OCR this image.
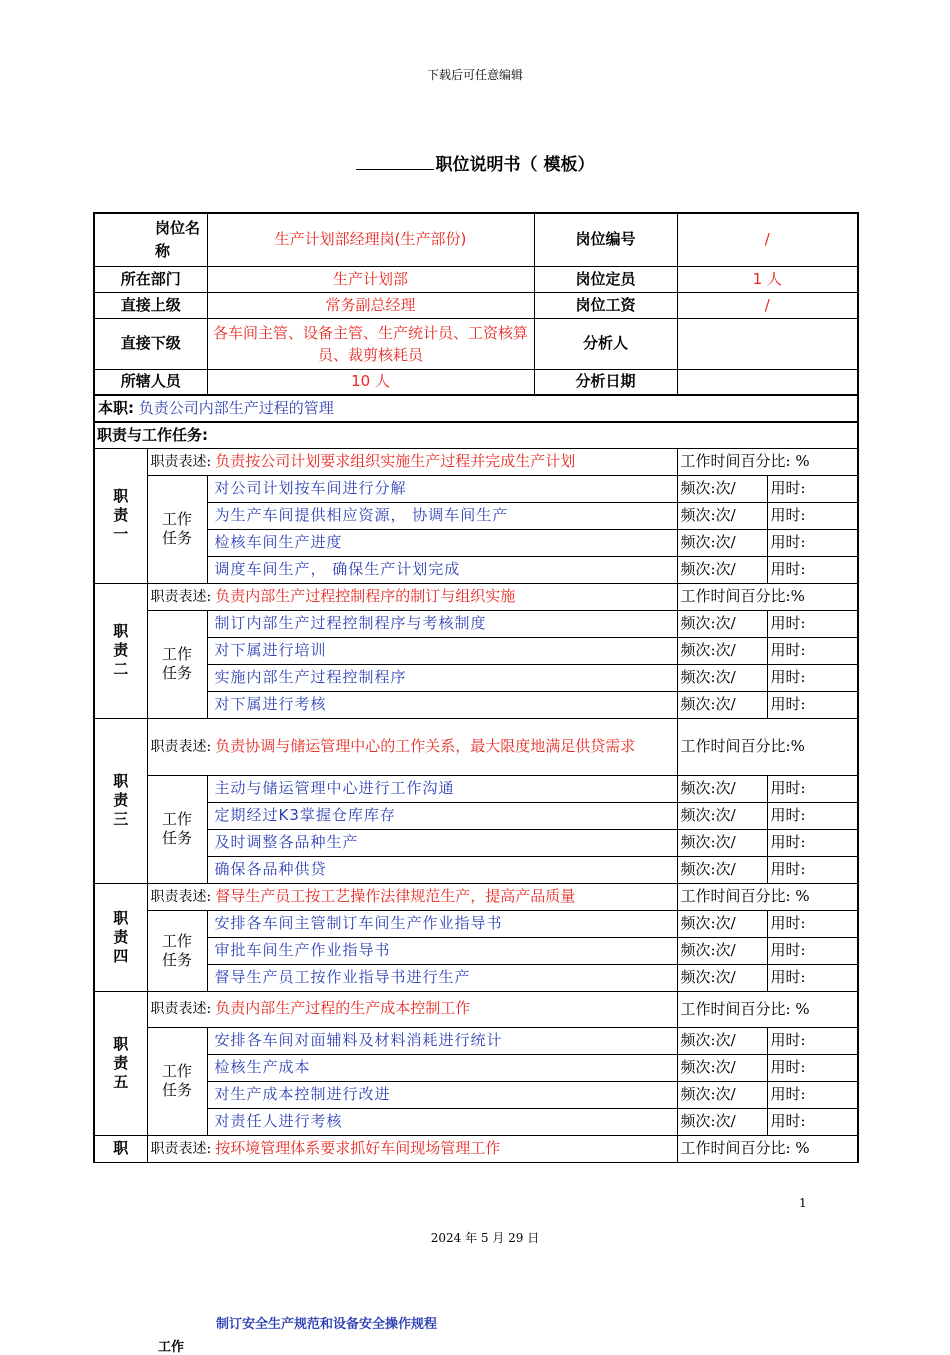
下载后可任意编辑
职位说明书（ 模板）
岗位名称		生产计划部经理岗(生产部份)	岗位编号	/	
所在部门		生产计划部	岗位定员	1 人	
直接上级		常务副总经理	岗位工资	/	
直接下级		各车间主管、设备主管、生产统计员、工资核算员、裁剪核耗员	分析人		
所辖人员		10 人	分析日期		
本职: 负责公司内部生产过程的管理					
职责与工作任务:					
职责一	职责表述: 负责按公司计划要求组织实施生产过程并完成生产计划			工作时间百分比: %	
	工作任务	对公司计划按车间进行分解		频次:次/	用时:
		为生产车间提供相应资源， 协调车间生产		频次:次/	用时:
		检核车间生产进度		频次:次/	用时:
		调度车间生产， 确保生产计划完成		频次:次/	用时:
职责二	职责表述: 负责内部生产过程控制程序的制订与组织实施			工作时间百分比:%	
	工作任务	制订内部生产过程控制程序与考核制度		频次:次/	用时:
		对下属进行培训		频次:次/	用时:
		实施内部生产过程控制程序		频次:次/	用时:
		对下属进行考核		频次:次/	用时:
职责三	职责表述: 负责协调与储运管理中心的工作关系，最大限度地满足供贷需求			工作时间百分比:%	
	工作任务	主动与储运管理中心进行工作沟通		频次:次/	用时:
		定期经过K3掌握仓库库存		频次:次/	用时:
		及时调整各品种生产		频次:次/	用时:
		确保各品种供贷		频次:次/	用时:
职责四	职责表述: 督导生产员工按工艺操作法律规范生产，提高产品质量			工作时间百分比: %	
	工作任务	安排各车间主管制订车间生产作业指导书		频次:次/	用时:
		审批车间生产作业指导书		频次:次/	用时:
		督导生产员工按作业指导书进行生产		频次:次/	用时:
职责五	职责表述: 负责内部生产过程的生产成本控制工作			工作时间百分比: %	
	工作任务	安排各车间对面辅料及材料消耗进行统计		频次:次/	用时:
		检核生产成本		频次:次/	用时:
		对生产成本控制进行改进		频次:次/	用时:
		对责任人进行考核		频次:次/	用时:
职	职责表述: 按环境管理体系要求抓好车间现场管理工作			工作时间百分比: %	
1
2024 年 5 月 29 日
制订安全生产规范和设备安全操作规程
工作
